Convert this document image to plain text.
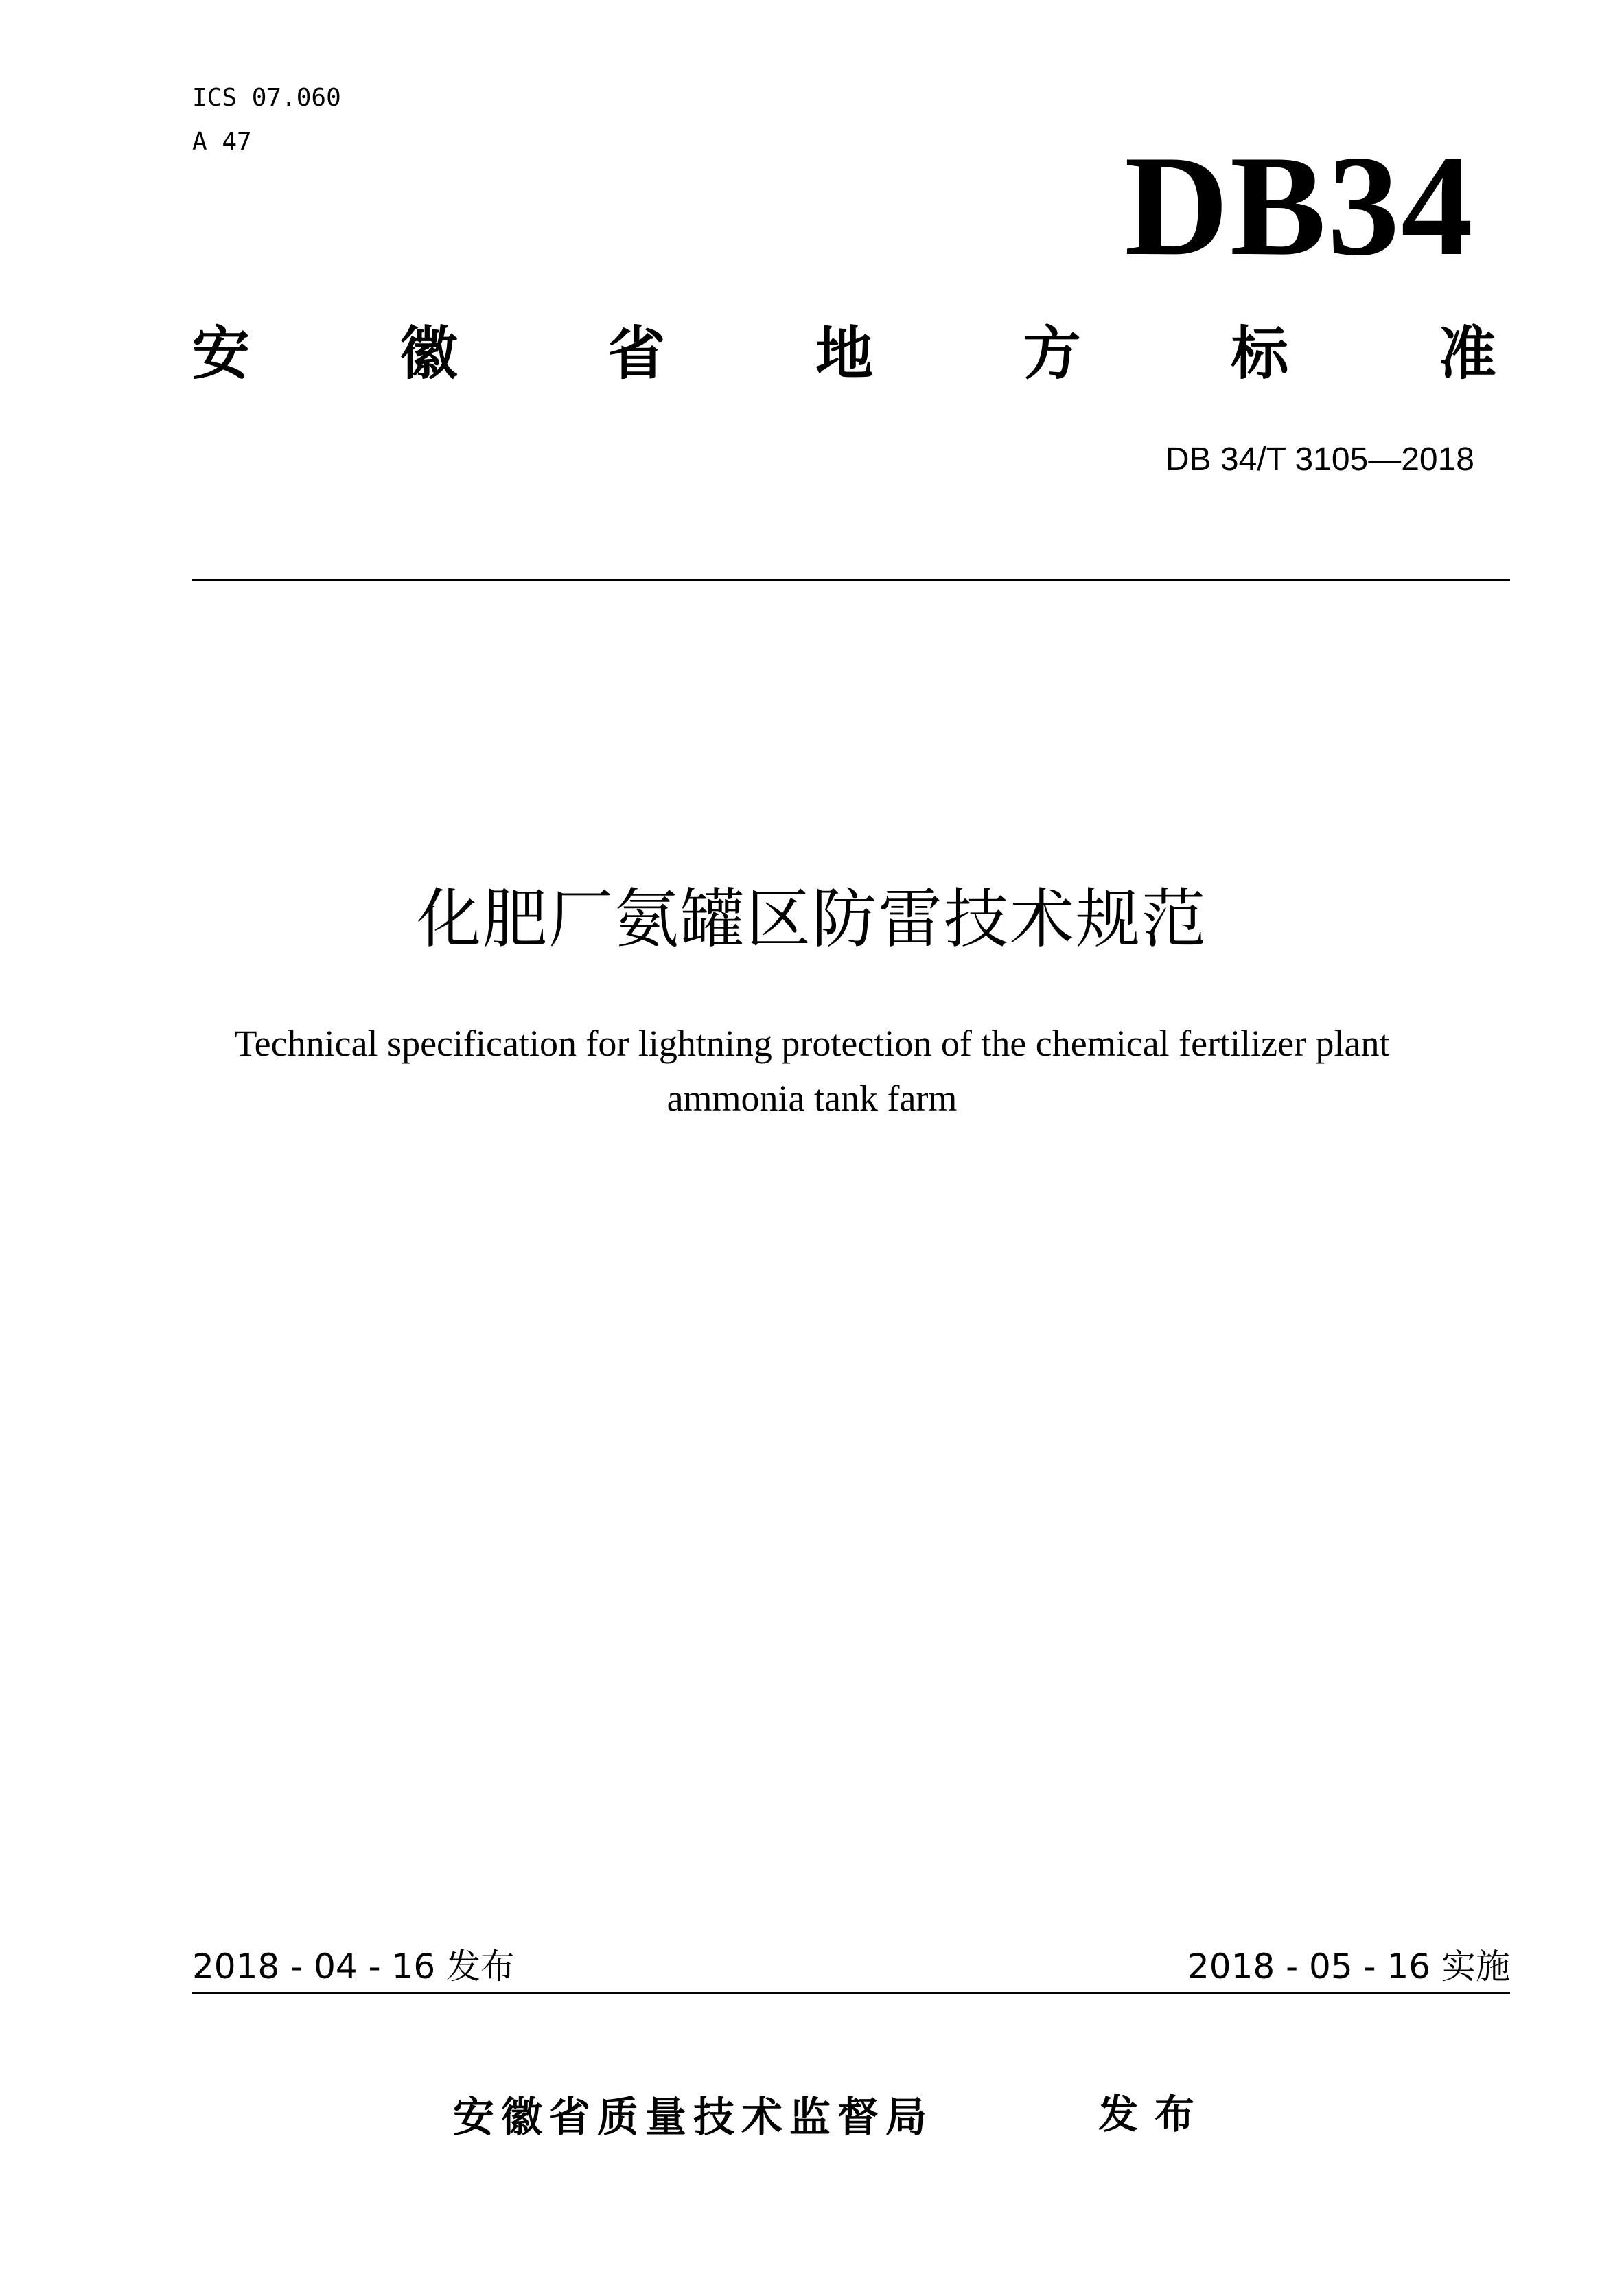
ICS 07.060
A 47	DB34
安	徽	省	地	方	标	准
DB 34/T 3105—2018
化肥厂氨罐区防雷技术规范
Technical specification for lightning protection of the chemical fertilizer plant
ammonia tank farm
2018 - 04 - 16 发布	2018 - 05 - 16 实施
安徽省质量技术监督局	发布
